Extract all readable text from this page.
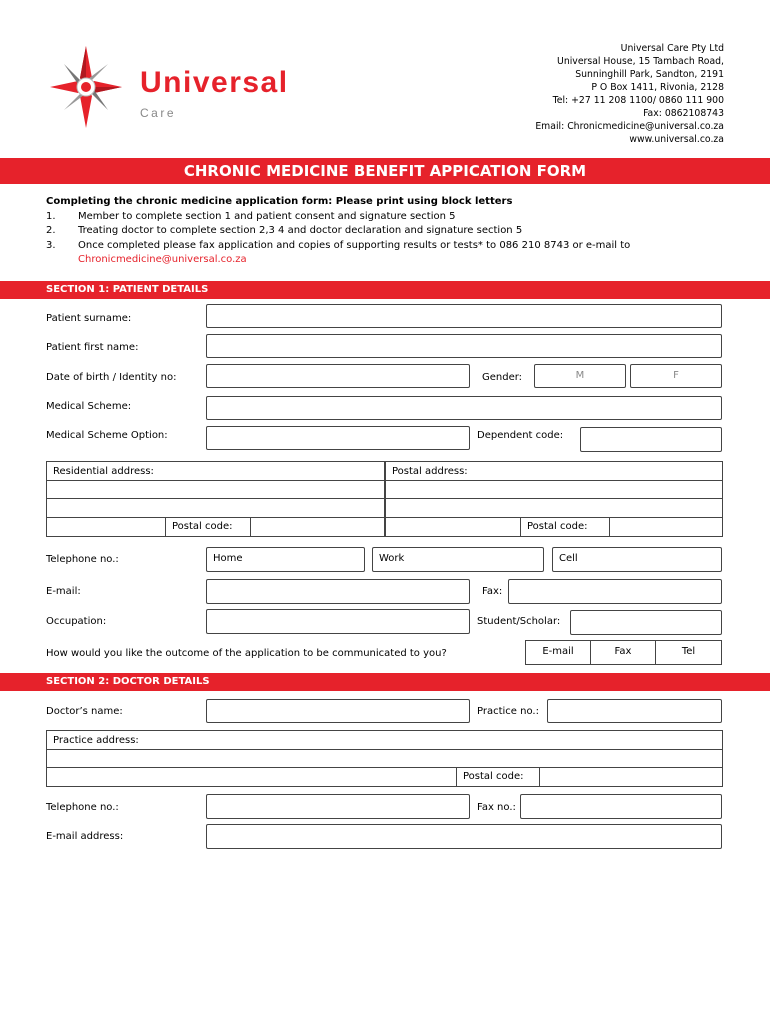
Universal
Care
Universal Care Pty Ltd
Universal House, 15 Tambach Road,
Sunninghill Park, Sandton, 2191
P O Box 1411, Rivonia, 2128
Tel: +27 11 208 1100/ 0860 111 900
Fax: 0862108743
Email: Chronicmedicine@universal.co.za
www.universal.co.za
CHRONIC MEDICINE BENEFIT APPICATION FORM
Completing the chronic medicine application form: Please print using block letters
1. Member to complete section 1 and patient consent and signature section 5
2. Treating doctor to complete section 2,3 4 and doctor declaration and signature section 5
3. Once completed please fax application and copies of supporting results or tests* to 086 210 8743 or e-mail to
Chronicmedicine@universal.co.za
SECTION 1: PATIENT DETAILS
Patient surname:
Patient first name:
Date of birth / Identity no:	Gender:	M	F
Medical Scheme:
Medical Scheme Option:	Dependent code:
Residential address:	Postal address:
Postal code:	Postal code:
Telephone no.:	Home	Work	Cell
E-mail:	Fax:
Occupation:	Student/Scholar:
How would you like the outcome of the application to be communicated to you?	E-mail	Fax	Tel
SECTION 2: DOCTOR DETAILS
Doctor’s name:	Practice no.:
Practice address:
Postal code:
Telephone no.:	Fax no.:
E-mail address:
